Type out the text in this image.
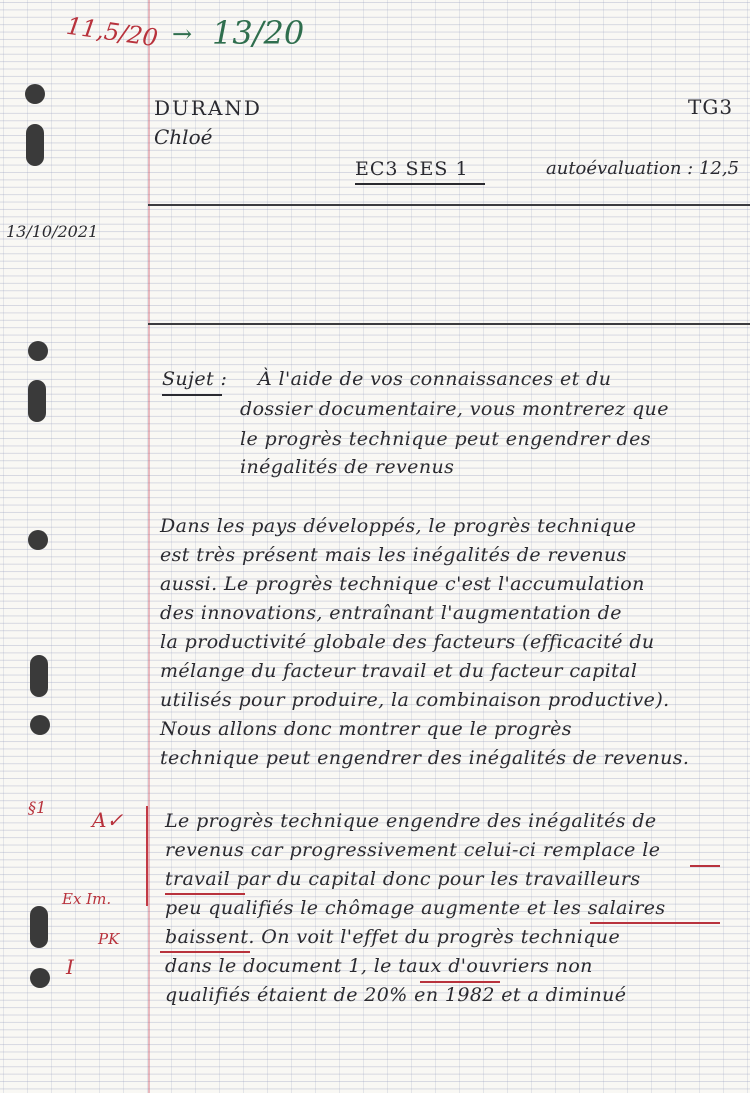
11,5/20 → 13/20
DURAND
Chloé
TG3
EC3 SES 1	autoévaluation : 12,5
13/10/2021
Sujet : À l'aide de vos connaissances et du
dossier documentaire, vous montrerez que
le progrès technique peut engendrer des
inégalités de revenus
Dans les pays développés, le progrès technique
est très présent mais les inégalités de revenus
aussi. Le progrès technique c'est l'accumulation
des innovations, entraînant l'augmentation de
la productivité globale des facteurs (efficacité du
mélange du facteur travail et du facteur capital
utilisés pour produire, la combinaison productive).
Nous allons donc montrer que le progrès
technique peut engendrer des inégalités de revenus.
Le progrès technique engendre des inégalités de
revenus car progressivement celui-ci remplace le
travail par du capital donc pour les travailleurs
peu qualifiés le chômage augmente et les salaires
baissent. On voit l'effet du progrès technique
dans le document 1, le taux d'ouvriers non
qualifiés étaient de 20% en 1982 et a diminué
§1
A✓
Ex Im.
PK
I
